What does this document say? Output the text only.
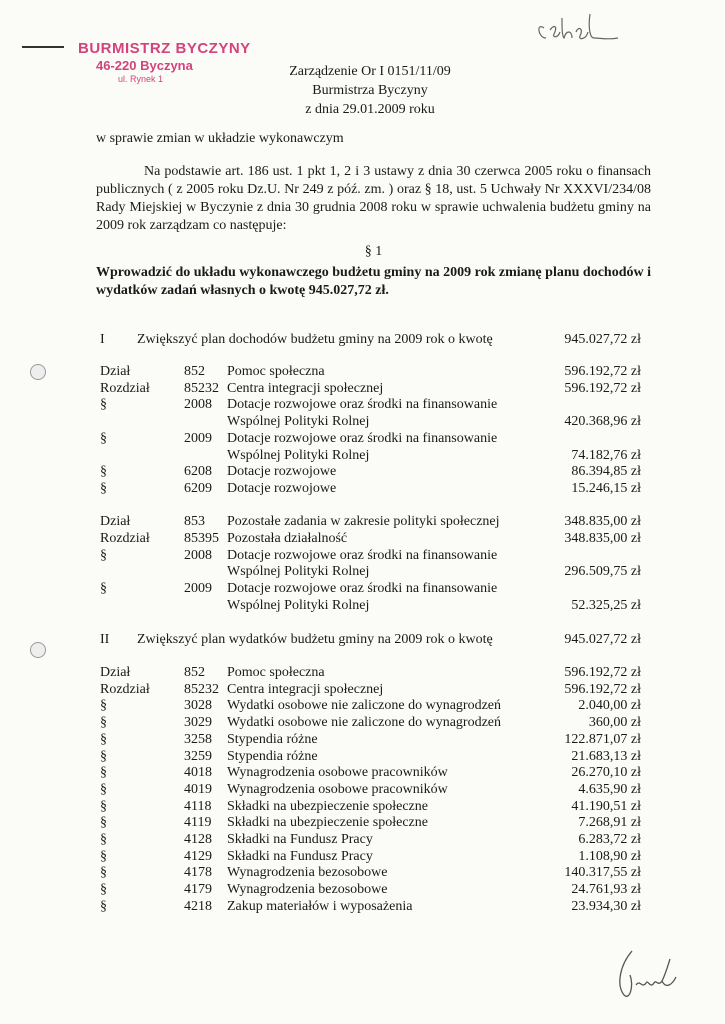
BURMISTRZ BYCZYNY
46-220 Byczyna
ul. Rynek 1	Zarządzenie Or I 0151/11/09
Burmistrza Byczyny
z dnia 29.01.2009 roku
w sprawie zmian w układzie wykonawczym

Na podstawie art. 186 ust. 1 pkt 1, 2 i 3 ustawy z dnia 30 czerwca 2005 roku o finansach publicznych ( z 2005 roku Dz.U. Nr 249 z póź. zm. ) oraz § 18, ust. 5 Uchwały Nr XXXVI/234/08 Rady Miejskiej w Byczynie z dnia 30 grudnia 2008 roku w sprawie uchwalenia budżetu gminy na 2009 rok zarządzam co następuje:

§ 1
Wprowadzić do układu wykonawczego budżetu gminy na 2009 rok zmianę planu dochodów i wydatków zadań własnych o kwotę 945.027,72 zł.
I Zwiększyć plan dochodów budżetu gminy na 2009 rok o kwotę	945.027,72 zł
Dział	852 Pomoc społeczna	596.192,72 zł
Rozdział 85232 Centra integracji społecznej	596.192,72 zł
§	2008 Dotacje rozwojowe oraz środki na finansowanie
Wspólnej Polityki Rolnej	420.368,96 zł
§	2009 Dotacje rozwojowe oraz środki na finansowanie
Wspólnej Polityki Rolnej	74.182,76 zł
§	6208 Dotacje rozwojowe	86.394,85 zł
§	6209 Dotacje rozwojowe	15.246,15 zł
Dział	853 Pozostałe zadania w zakresie polityki społecznej	348.835,00 zł
Rozdział 85395 Pozostała działalność	348.835,00 zł
§	2008 Dotacje rozwojowe oraz środki na finansowanie
Wspólnej Polityki Rolnej	296.509,75 zł
§	2009 Dotacje rozwojowe oraz środki na finansowanie
Wspólnej Polityki Rolnej	52.325,25 zł
II Zwiększyć plan wydatków budżetu gminy na 2009 rok o kwotę	945.027,72 zł
Dział	852 Pomoc społeczna	596.192,72 zł
Rozdział 85232 Centra integracji społecznej	596.192,72 zł
§	3028 Wydatki osobowe nie zaliczone do wynagrodzeń	2.040,00 zł
§	3029 Wydatki osobowe nie zaliczone do wynagrodzeń	360,00 zł
§	3258 Stypendia różne	122.871,07 zł
§	3259 Stypendia różne	21.683,13 zł
§	4018 Wynagrodzenia osobowe pracowników	26.270,10 zł
§	4019 Wynagrodzenia osobowe pracowników	4.635,90 zł
§	4118 Składki na ubezpieczenie społeczne	41.190,51 zł
§	4119 Składki na ubezpieczenie społeczne	7.268,91 zł
§	4128 Składki na Fundusz Pracy	6.283,72 zł
§	4129 Składki na Fundusz Pracy	1.108,90 zł
§	4178 Wynagrodzenia bezosobowe	140.317,55 zł
§	4179 Wynagrodzenia bezosobowe	24.761,93 zł
§	4218 Zakup materiałów i wyposażenia	23.934,30 zł
